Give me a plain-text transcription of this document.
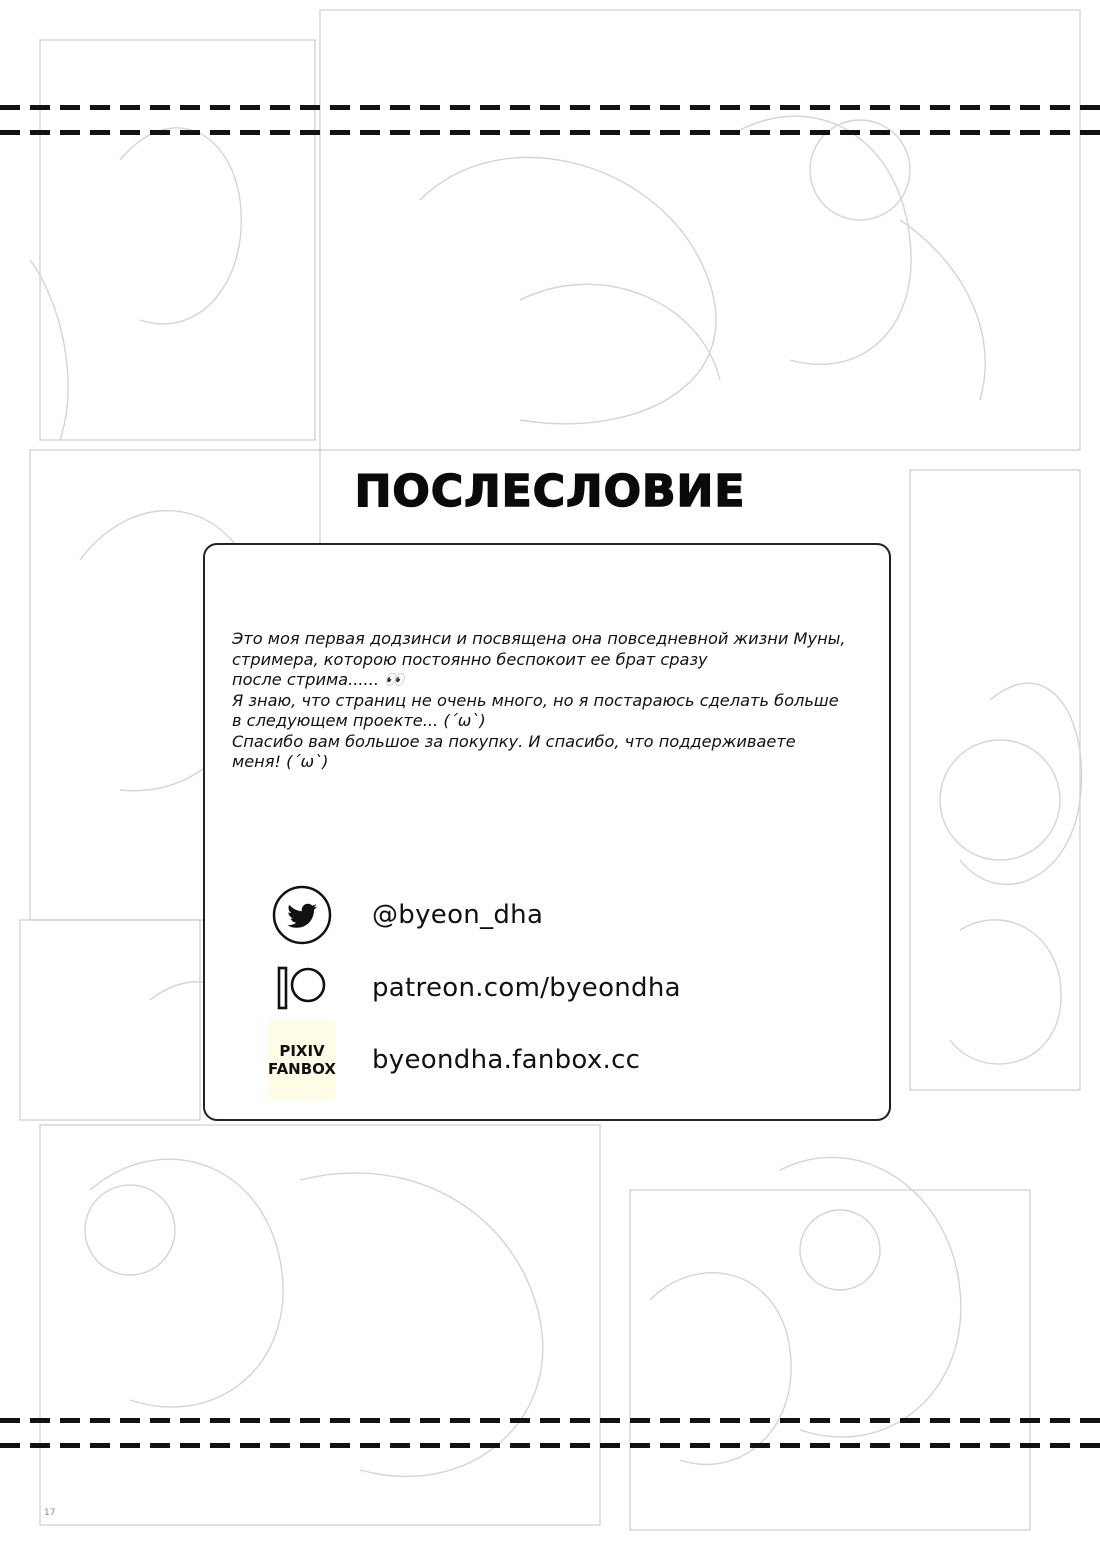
ПОСЛЕСЛОВИЕ

Это моя первая додзинси и посвящена она повседневной жизни Муны,

стримера, которою постоянно беспокоит ее брат сразу

после стрима...... 👀

Я знаю, что страниц не очень много, но я постараюсь сделать больше

в следующем проекте... (ˊωˋ)

Спасибо вам большое за покупку. И спасибо, что поддерживаете

меня! (ˊωˋ)

@byeon_dha
patreon.com/byeondha
PIXIV
FANBOX byeondha.fanbox.cc
17
